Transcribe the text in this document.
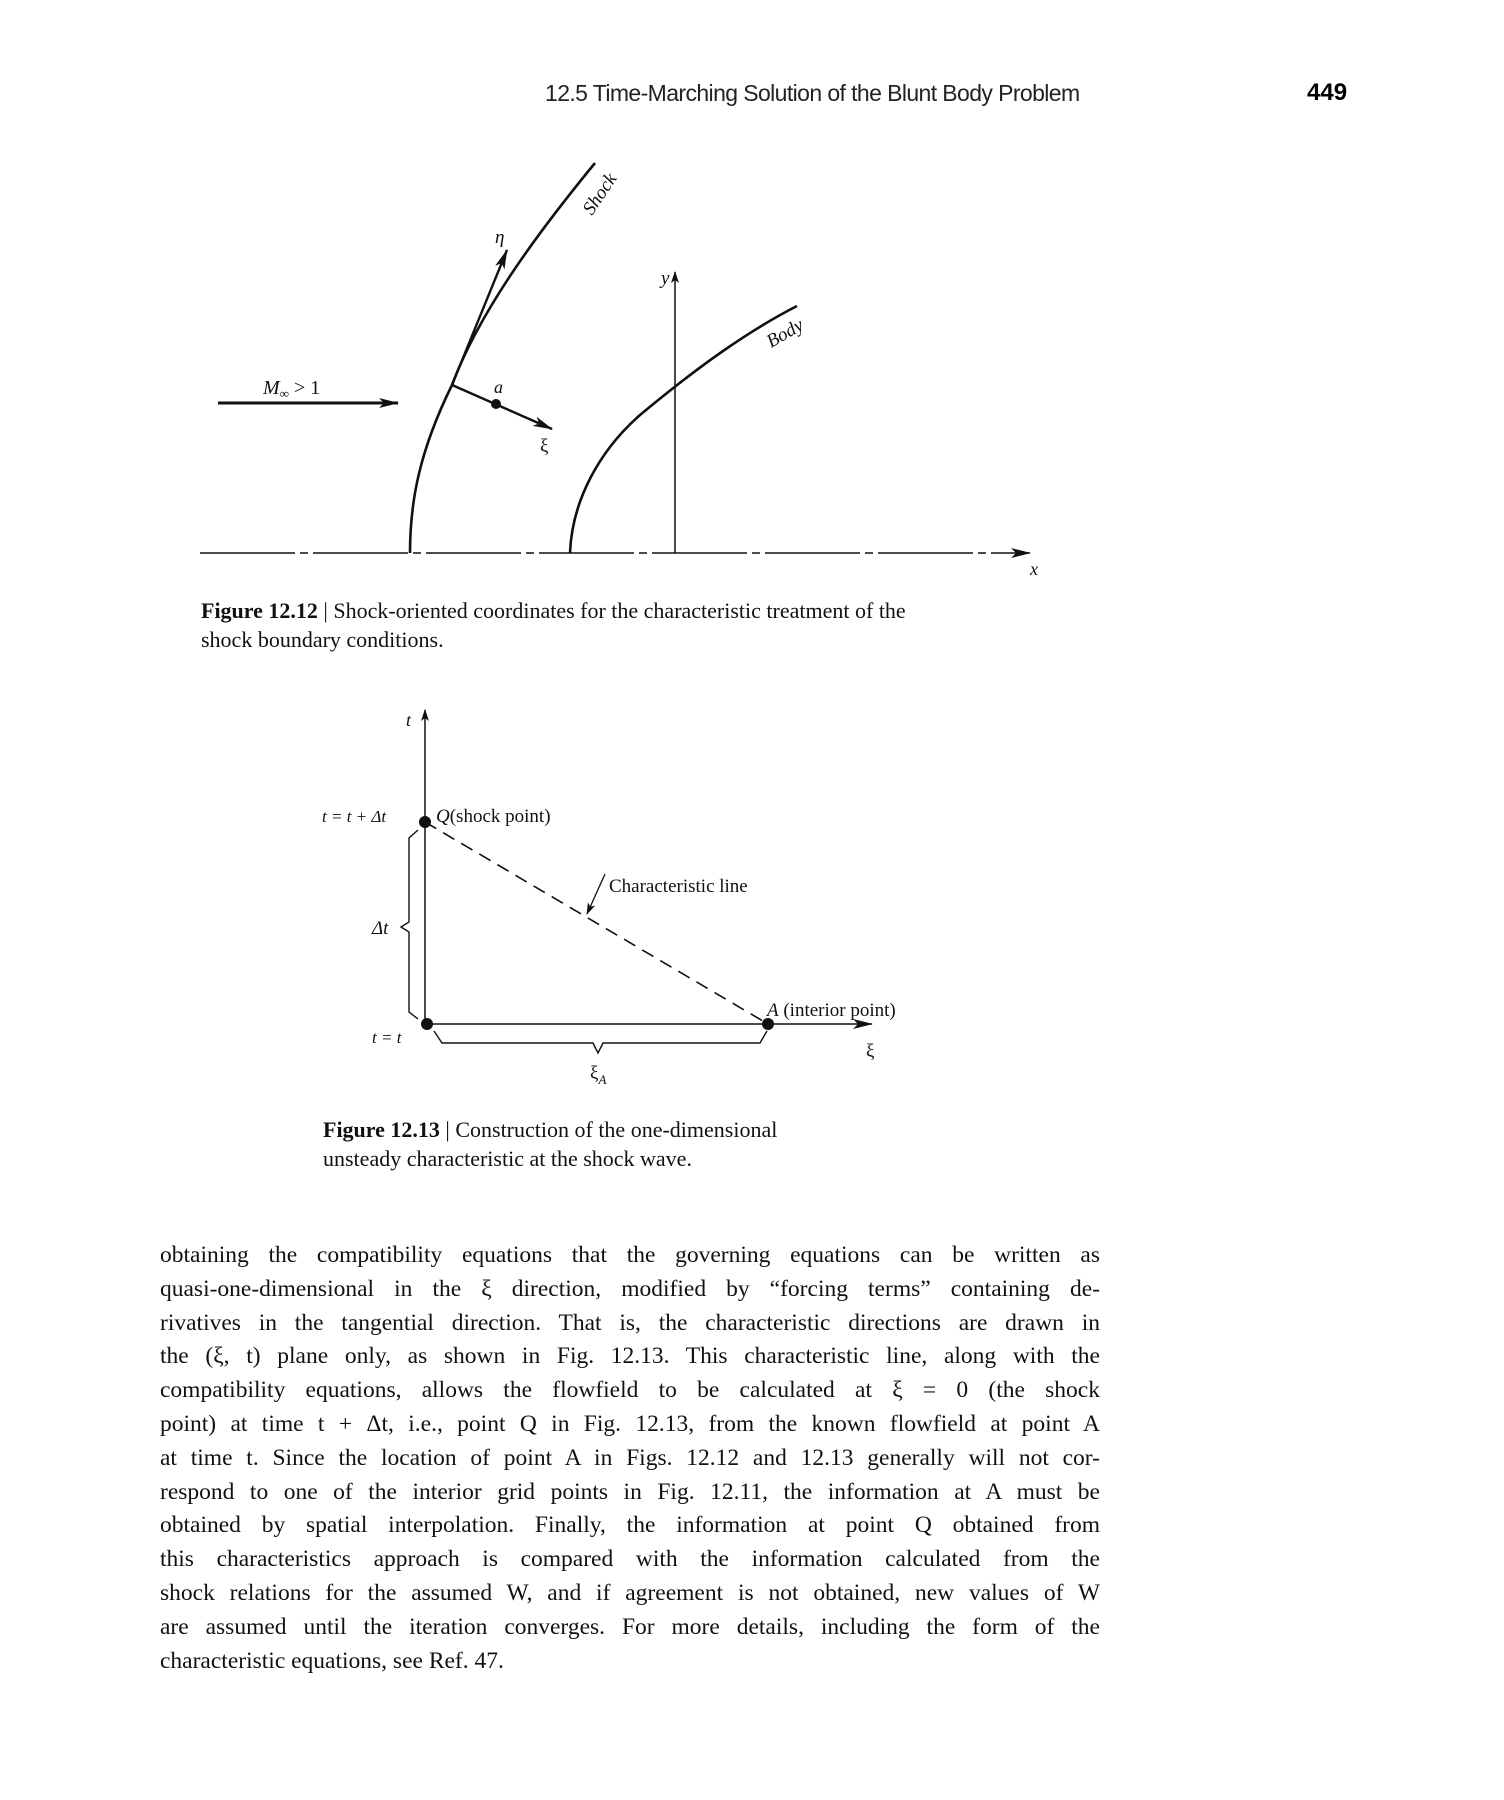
12.5 Time-Marching Solution of the Blunt Body Problem	449
$M_\infty > 1$
η
a
ξ
y
x
Shock
Body
t
t = t + Δt	Q(shock point)
Characteristic line
Δt
A (interior point)
t = t
ξ
$\xi_A$
Figure 12.12 | Shock-oriented coordinates for the characteristic treatment of the
shock boundary conditions.
Figure 12.13 | Construction of the one-dimensional
unsteady characteristic at the shock wave.
obtaining the compatibility equations that the governing equations can be written as
quasi-one-dimensional in the ξ direction, modified by “forcing terms” containing de-
rivatives in the tangential direction. That is, the characteristic directions are drawn in
the (ξ, t) plane only, as shown in Fig. 12.13. This characteristic line, along with the
compatibility equations, allows the flowfield to be calculated at ξ = 0 (the shock
point) at time t + Δt, i.e., point Q in Fig. 12.13, from the known flowfield at point A
at time t. Since the location of point A in Figs. 12.12 and 12.13 generally will not cor-
respond to one of the interior grid points in Fig. 12.11, the information at A must be
obtained by spatial interpolation. Finally, the information at point Q obtained from
this characteristics approach is compared with the information calculated from the
shock relations for the assumed W, and if agreement is not obtained, new values of W
are assumed until the iteration converges. For more details, including the form of the
characteristic equations, see Ref. 47.
